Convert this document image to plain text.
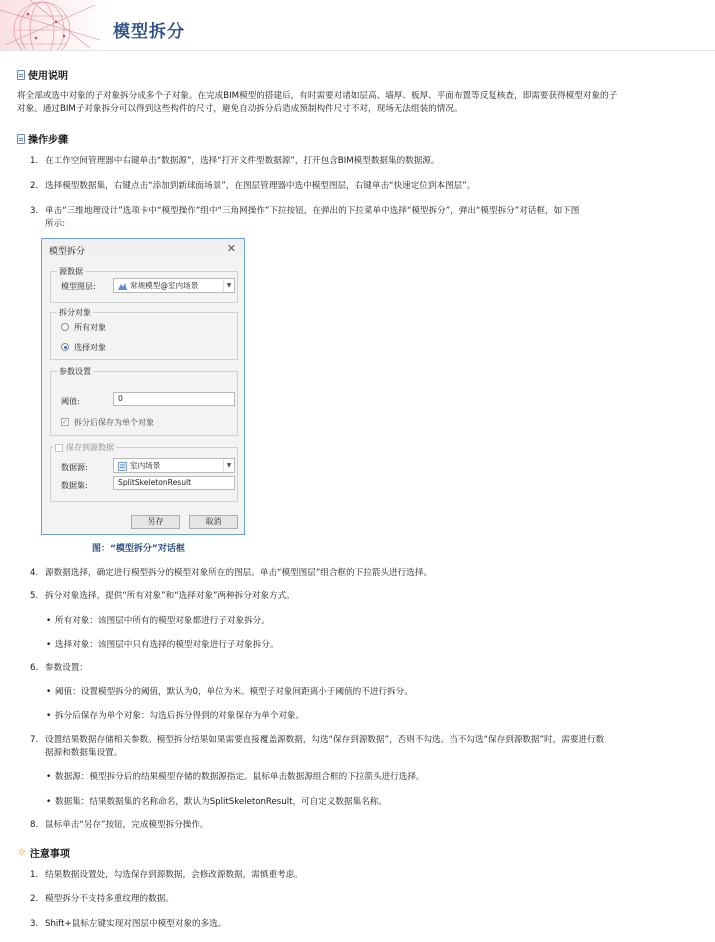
模型拆分
使用说明
将全部或选中对象的子对象拆分成多个子对象。在完成BIM模型的搭建后，有时需要对诸如层高、墙厚、板厚、平面布置等反复核查，即需要获得模型对象的子
对象。通过BIM子对象拆分可以得到这些构件的尺寸，避免自动拆分后造成预制构件尺寸不对，现场无法组装的情况。
操作步骤
1. 在工作空间管理器中右键单击“数据源”，选择“打开文件型数据源”，打开包含BIM模型数据集的数据源。
2. 选择模型数据集，右键点击“添加到新球面场景”，在图层管理器中选中模型图层，右键单击“快速定位到本图层”。
3. 单击“三维地理设计”选项卡中“模型操作”组中“三角网操作”下拉按钮，在弹出的下拉菜单中选择“模型拆分”，弹出“模型拆分”对话框，如下图
所示:
模型拆分	✕
源数据
模型图层:	常规模型@室内场景	▼
拆分对象
所有对象
选择对象
参数设置
阈值:	0
✓ 拆分后保存为单个对象
保存到源数据
数据源:	室内场景	▼
数据集:	SplitSkeletonResult
另存	取消
图：“模型拆分”对话框
4. 源数据选择，确定进行模型拆分的模型对象所在的图层。单击“模型图层”组合框的下拉箭头进行选择。
5. 拆分对象选择，提供“所有对象”和“选择对象”两种拆分对象方式。
• 所有对象：该图层中所有的模型对象都进行子对象拆分。
• 选择对象：该图层中只有选择的模型对象进行子对象拆分。
6. 参数设置：
• 阈值：设置模型拆分的阈值，默认为0，单位为米。模型子对象间距离小于阈值的不进行拆分。
• 拆分后保存为单个对象：勾选后拆分得到的对象保存为单个对象。
7. 设置结果数据存储相关参数。模型拆分结果如果需要直接覆盖源数据，勾选“保存到源数据”，否则不勾选。当不勾选“保存到源数据”时，需要进行数
据源和数据集设置。
• 数据源：模型拆分后的结果模型存储的数据源指定。鼠标单击数据源组合框的下拉箭头进行选择。
• 数据集：结果数据集的名称命名，默认为SplitSkeletonResult，可自定义数据集名称。
8. 鼠标单击“另存”按钮，完成模型拆分操作。
☼ 注意事项
1. 结果数据设置处，勾选保存到源数据，会修改源数据，需慎重考虑。
2. 模型拆分不支持多重纹理的数据。
3. Shift+鼠标左键实现对图层中模型对象的多选。
